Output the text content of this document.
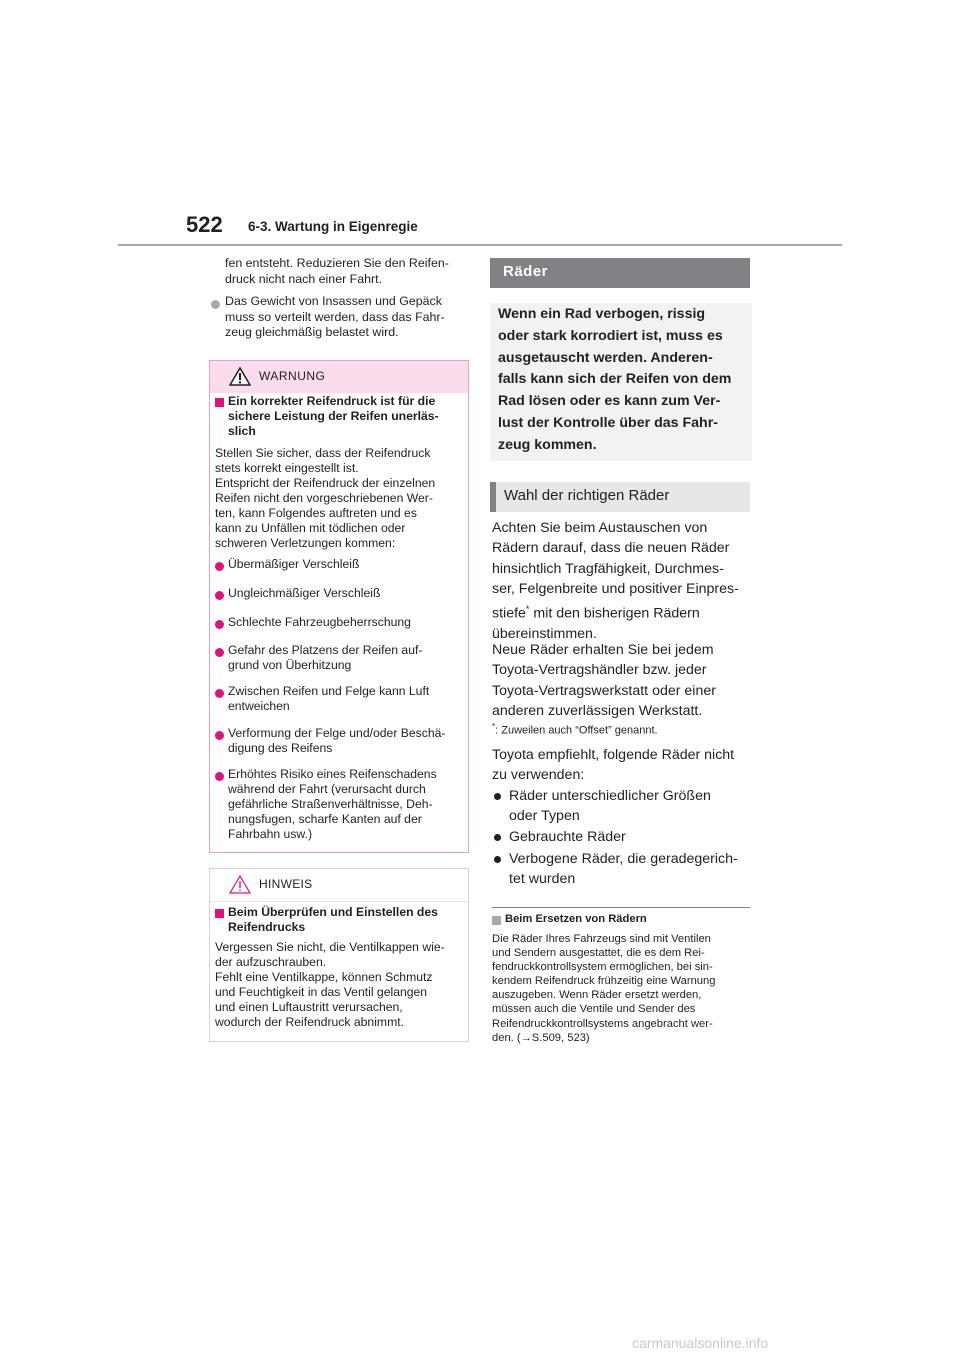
522 6-3. Wartung in Eigenregie
fen entsteht. Reduzieren Sie den Reifen-
druck nicht nach einer Fahrt.
Das Gewicht von Insassen und Gepäck
muss so verteilt werden, dass das Fahr-
zeug gleichmäßig belastet wird.
WARNUNG
Ein korrekter Reifendruck ist für die
sichere Leistung der Reifen unerläs-
slich
Stellen Sie sicher, dass der Reifendruck
stets korrekt eingestellt ist.
Entspricht der Reifendruck der einzelnen
Reifen nicht den vorgeschriebenen Wer-
ten, kann Folgendes auftreten und es
kann zu Unfällen mit tödlichen oder
schweren Verletzungen kommen:
Übermäßiger Verschleiß
Ungleichmäßiger Verschleiß
Schlechte Fahrzeugbeherrschung
Gefahr des Platzens der Reifen auf-
grund von Überhitzung
Zwischen Reifen und Felge kann Luft
entweichen
Verformung der Felge und/oder Beschä-
digung des Reifens
Erhöhtes Risiko eines Reifenschadens
während der Fahrt (verursacht durch
gefährliche Straßenverhältnisse, Deh-
nungsfugen, scharfe Kanten auf der
Fahrbahn usw.)
HINWEIS
Beim Überprüfen und Einstellen des
Reifendrucks
Vergessen Sie nicht, die Ventilkappen wie-
der aufzuschrauben.
Fehlt eine Ventilkappe, können Schmutz
und Feuchtigkeit in das Ventil gelangen
und einen Luftaustritt verursachen,
wodurch der Reifendruck abnimmt.
Räder
Wenn ein Rad verbogen, rissig
oder stark korrodiert ist, muss es
ausgetauscht werden. Anderen-
falls kann sich der Reifen von dem
Rad lösen oder es kann zum Ver-
lust der Kontrolle über das Fahr-
zeug kommen.
Wahl der richtigen Räder
Achten Sie beim Austauschen von
Rädern darauf, dass die neuen Räder
hinsichtlich Tragfähigkeit, Durchmes-
ser, Felgenbreite und positiver Einpres-
stiefe* mit den bisherigen Rädern
übereinstimmen.
Neue Räder erhalten Sie bei jedem
Toyota-Vertragshändler bzw. jeder
Toyota-Vertragswerkstatt oder einer
anderen zuverlässigen Werkstatt.
*: Zuweilen auch “Offset” genannt.
Toyota empfiehlt, folgende Räder nicht
zu verwenden:
Räder unterschiedlicher Größen
oder Typen
Gebrauchte Räder
Verbogene Räder, die geradegerich-
tet wurden
Beim Ersetzen von Rädern
Die Räder Ihres Fahrzeugs sind mit Ventilen
und Sendern ausgestattet, die es dem Rei-
fendruckkontrollsystem ermöglichen, bei sin-
kendem Reifendruck frühzeitig eine Warnung
auszugeben. Wenn Räder ersetzt werden,
müssen auch die Ventile und Sender des
Reifendruckkontrollsystems angebracht wer-
den. (→S.509, 523)
carmanualsonline.info
